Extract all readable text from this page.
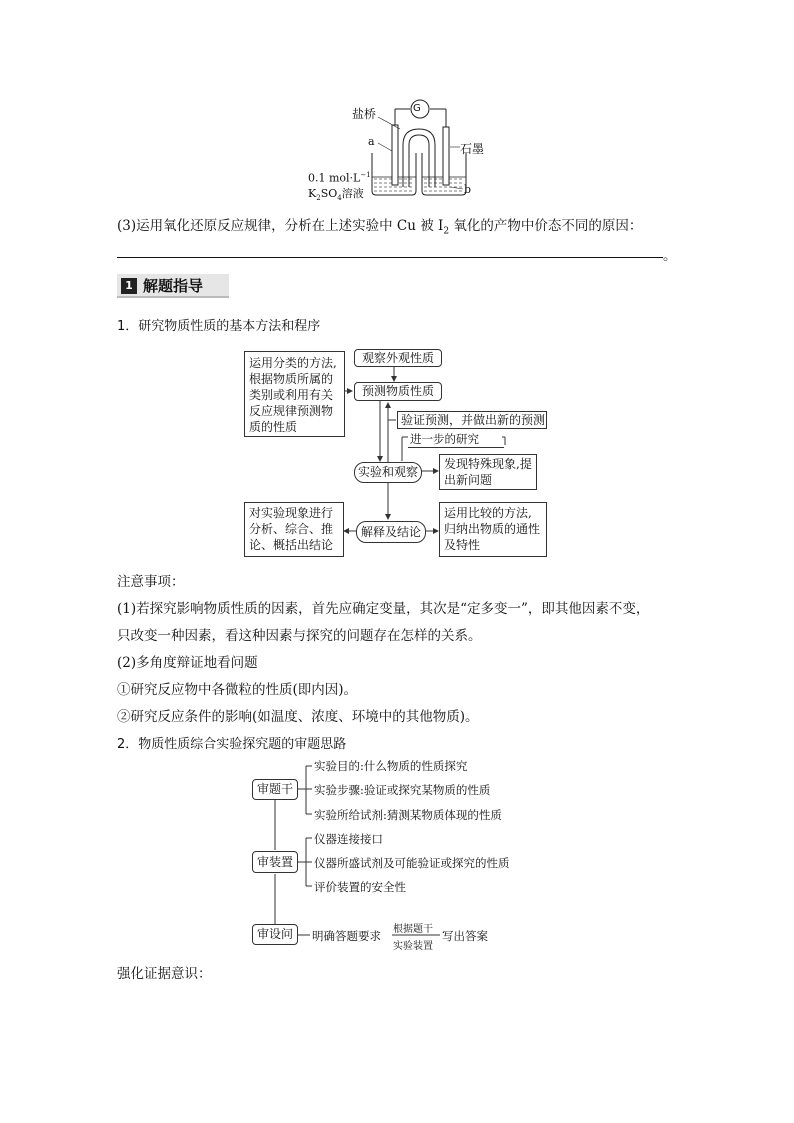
G
盐桥
a
石墨
b
0.1 $mol\cdot L^{-1}$
$K_2SO_4$溶液
(3)运用氧化还原反应规律，分析在上述实验中 Cu 被 $I_2$ 氧化的产物中价态不同的原因：
。
1 解题指导
1．研究物质性质的基本方法和程序
运用分类的方法,根据物质所属的类别或利用有关反应规律预测物质的性质
观察外观性质
预测物质性质
验证预测，并做出新的预测
进一步的研究
实验和观察
发现特殊现象,提出新问题
解释及结论
对实验现象进行分析、综合、推论、概括出结论
运用比较的方法,归纳出物质的通性及特性
注意事项：
(1)若探究影响物质性质的因素，首先应确定变量，其次是“定多变一”，即其他因素不变，
只改变一种因素，看这种因素与探究的问题存在怎样的关系。
(2)多角度辩证地看问题
①研究反应物中各微粒的性质(即内因)。
②研究反应条件的影响(如温度、浓度、环境中的其他物质)。
2．物质性质综合实验探究题的审题思路
审题干
实验目的:什么物质的性质探究
实验步骤:验证或探究某物质的性质
实验所给试剂:猜测某物质体现的性质
审装置
仪器连接接口
仪器所盛试剂及可能验证或探究的性质
评价装置的安全性
审设问	明确答题要求 根据题干
实验装置
写出答案
强化证据意识：
